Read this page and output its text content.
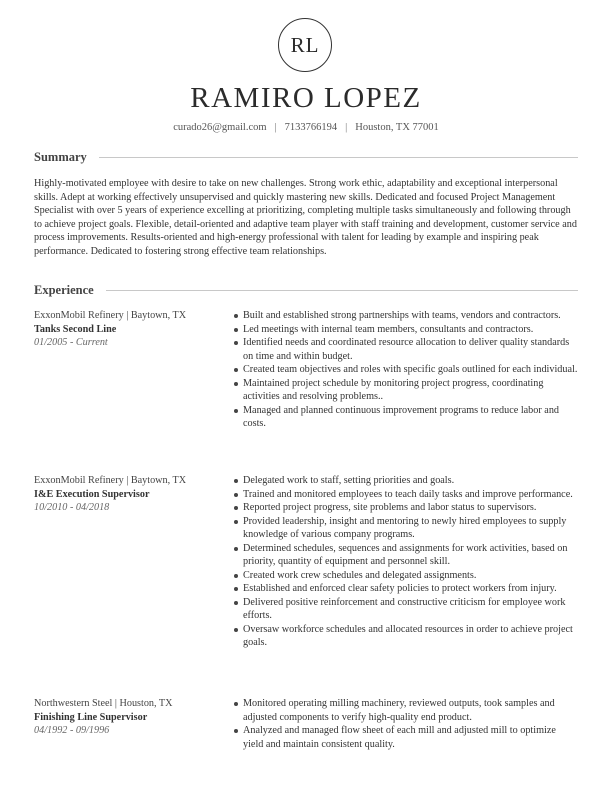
RL
RAMIRO LOPEZ
curado26@gmail.com | 7133766194 | Houston, TX 77001
Summary

Highly-motivated employee with desire to take on new challenges. Strong work ethic, adaptability and exceptional interpersonal skills. Adept at working effectively unsupervised and quickly mastering new skills. Dedicated and focused Project Management Specialist with over 5 years of experience excelling at prioritizing, completing multiple tasks simultaneously and following through to achieve project goals. Flexible, detail-oriented and adaptive team player with staff training and development, customer service and process improvements. Results-oriented and high-energy professional with talent for leading by example and inspiring peak performance. Dedicated to fostering strong effective team relationships.

Experience
ExxonMobil Refinery | Baytown, TX
Tanks Second Line
01/2005 - Current
Built and established strong partnerships with teams, vendors and contractors.
Led meetings with internal team members, consultants and contractors.
Identified needs and coordinated resource allocation to deliver quality standards on time and within budget.
Created team objectives and roles with specific goals outlined for each individual.
Maintained project schedule by monitoring project progress, coordinating activities and resolving problems..
Managed and planned continuous improvement programs to reduce labor and costs.
ExxonMobil Refinery | Baytown, TX
I&E Execution Supervisor
10/2010 - 04/2018
Delegated work to staff, setting priorities and goals.
Trained and monitored employees to teach daily tasks and improve performance.
Reported project progress, site problems and labor status to supervisors.
Provided leadership, insight and mentoring to newly hired employees to supply knowledge of various company programs.
Determined schedules, sequences and assignments for work activities, based on priority, quantity of equipment and personnel skill.
Created work crew schedules and delegated assignments.
Established and enforced clear safety policies to protect workers from injury.
Delivered positive reinforcement and constructive criticism for employee work efforts.
Oversaw workforce schedules and allocated resources in order to achieve project goals.
Northwestern Steel | Houston, TX
Finishing Line Supervisor
04/1992 - 09/1996
Monitored operating milling machinery, reviewed outputs, took samples and adjusted components to verify high-quality end product.
Analyzed and managed flow sheet of each mill and adjusted mill to optimize yield and maintain consistent quality.
